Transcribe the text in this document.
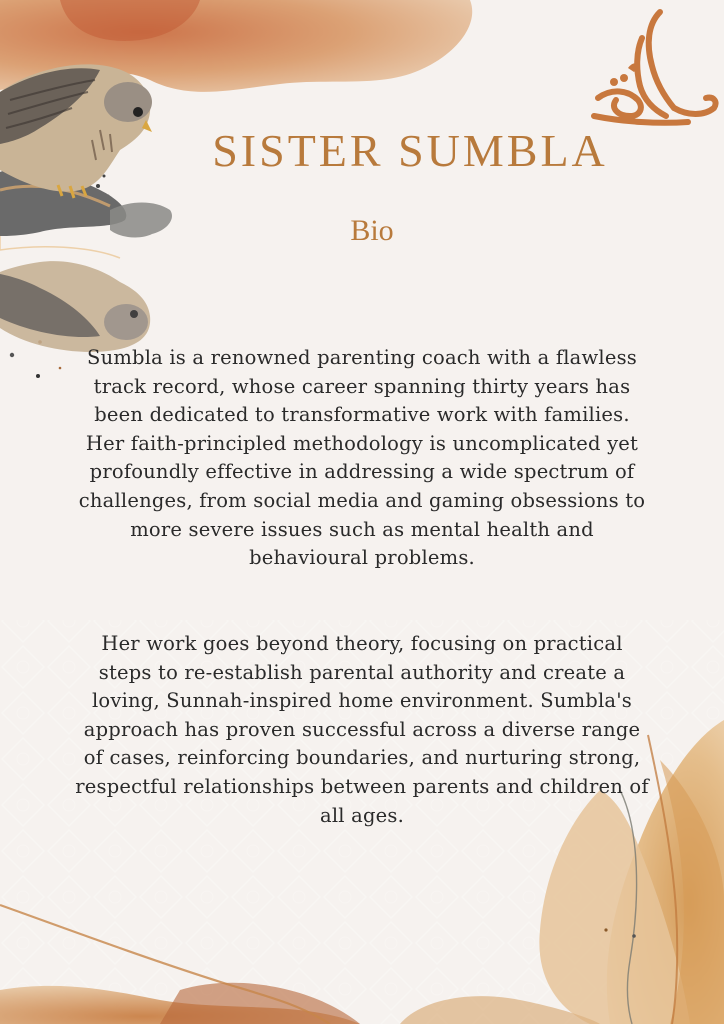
SISTER SUMBLA
Bio
Sumbla is a renowned parenting coach with a flawless track record, whose career spanning thirty years has been dedicated to transformative work with families. Her faith-principled methodology is uncomplicated yet profoundly effective in addressing a wide spectrum of challenges, from social media and gaming obsessions to more severe issues such as mental health and behavioural problems.
Her work goes beyond theory, focusing on practical steps to re-establish parental authority and create a loving, Sunnah-inspired home environment. Sumbla's approach has proven successful across a diverse range of cases, reinforcing boundaries, and nurturing strong, respectful relationships between parents and children of all ages.
